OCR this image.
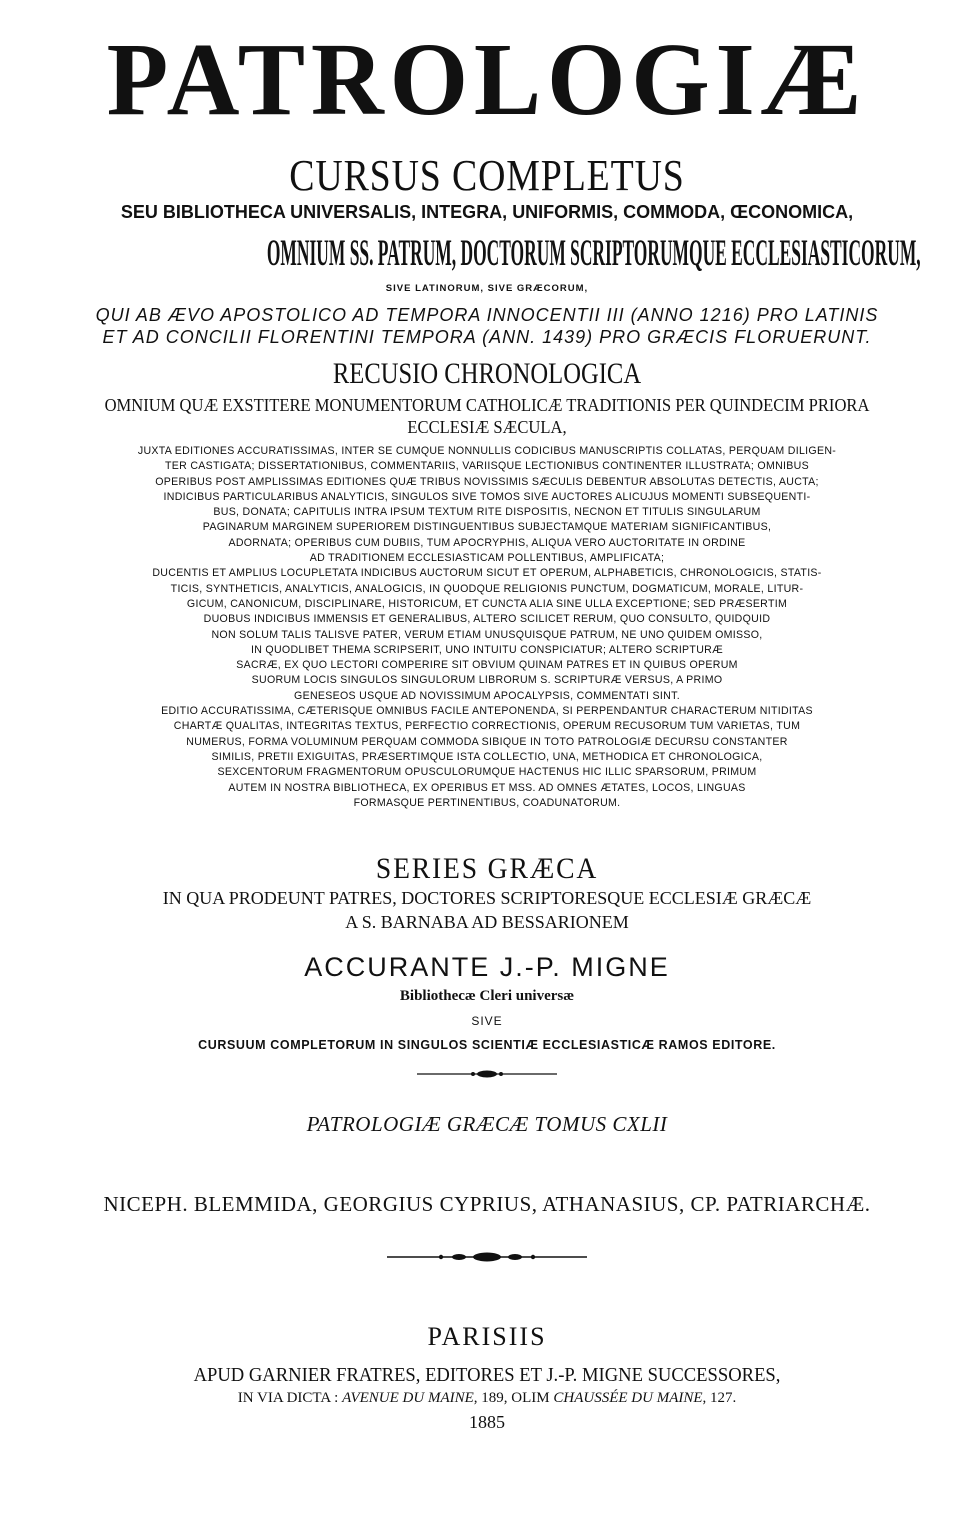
PATROLOGIÆ
CURSUS COMPLETUS
SEU BIBLIOTHECA UNIVERSALIS, INTEGRA, UNIFORMIS, COMMODA, ŒCONOMICA,
OMNIUM SS. PATRUM, DOCTORUM SCRIPTORUMQUE ECCLESIASTICORUM,
SIVE LATINORUM, SIVE GRÆCORUM,
QUI AB ÆVO APOSTOLICO AD TEMPORA INNOCENTII III (ANNO 1216) PRO LATINIS
ET AD CONCILII FLORENTINI TEMPORA (ANN. 1439) PRO GRÆCIS FLORUERUNT.
RECUSIO CHRONOLOGICA
OMNIUM QUÆ EXSTITERE MONUMENTORUM CATHOLICÆ TRADITIONIS PER QUINDECIM PRIORA
ECCLESIÆ SÆCULA,

JUXTA EDITIONES ACCURATISSIMAS, INTER SE CUMQUE NONNULLIS CODICIBUS MANUSCRIPTIS COLLATAS, PERQUAM DILIGEN-

TER CASTIGATA; DISSERTATIONIBUS, COMMENTARIIS, VARIISQUE LECTIONIBUS CONTINENTER ILLUSTRATA; OMNIBUS

OPERIBUS POST AMPLISSIMAS EDITIONES QUÆ TRIBUS NOVISSIMIS SÆCULIS DEBENTUR ABSOLUTAS DETECTIS, AUCTA;

INDICIBUS PARTICULARIBUS ANALYTICIS, SINGULOS SIVE TOMOS SIVE AUCTORES ALICUJUS MOMENTI SUBSEQUENTI-

BUS, DONATA; CAPITULIS INTRA IPSUM TEXTUM RITE DISPOSITIS, NECNON ET TITULIS SINGULARUM

PAGINARUM MARGINEM SUPERIOREM DISTINGUENTIBUS SUBJECTAMQUE MATERIAM SIGNIFICANTIBUS,

ADORNATA; OPERIBUS CUM DUBIIS, TUM APOCRYPHIS, ALIQUA VERO AUCTORITATE IN ORDINE

AD TRADITIONEM ECCLESIASTICAM POLLENTIBUS, AMPLIFICATA;

DUCENTIS ET AMPLIUS LOCUPLETATA INDICIBUS AUCTORUM SICUT ET OPERUM, ALPHABETICIS, CHRONOLOGICIS, STATIS-

TICIS, SYNTHETICIS, ANALYTICIS, ANALOGICIS, IN QUODQUE RELIGIONIS PUNCTUM, DOGMATICUM, MORALE, LITUR-

GICUM, CANONICUM, DISCIPLINARE, HISTORICUM, ET CUNCTA ALIA SINE ULLA EXCEPTIONE; SED PRÆSERTIM

DUOBUS INDICIBUS IMMENSIS ET GENERALIBUS, ALTERO SCILICET RERUM, QUO CONSULTO, QUIDQUID

NON SOLUM TALIS TALISVE PATER, VERUM ETIAM UNUSQUISQUE PATRUM, NE UNO QUIDEM OMISSO,

IN QUODLIBET THEMA SCRIPSERIT, UNO INTUITU CONSPICIATUR; ALTERO SCRIPTURÆ

SACRÆ, EX QUO LECTORI COMPERIRE SIT OBVIUM QUINAM PATRES ET IN QUIBUS OPERUM

SUORUM LOCIS SINGULOS SINGULORUM LIBRORUM S. SCRIPTURÆ VERSUS, A PRIMO

GENESEOS USQUE AD NOVISSIMUM APOCALYPSIS, COMMENTATI SINT.

EDITIO ACCURATISSIMA, CÆTERISQUE OMNIBUS FACILE ANTEPONENDA, SI PERPENDANTUR CHARACTERUM NITIDITAS

CHARTÆ QUALITAS, INTEGRITAS TEXTUS, PERFECTIO CORRECTIONIS, OPERUM RECUSORUM TUM VARIETAS, TUM

NUMERUS, FORMA VOLUMINUM PERQUAM COMMODA SIBIQUE IN TOTO PATROLOGIÆ DECURSU CONSTANTER

SIMILIS, PRETII EXIGUITAS, PRÆSERTIMQUE ISTA COLLECTIO, UNA, METHODICA ET CHRONOLOGICA,

SEXCENTORUM FRAGMENTORUM OPUSCULORUMQUE HACTENUS HIC ILLIC SPARSORUM, PRIMUM

AUTEM IN NOSTRA BIBLIOTHECA, EX OPERIBUS ET MSS. AD OMNES ÆTATES, LOCOS, LINGUAS

FORMASQUE PERTINENTIBUS, COADUNATORUM.

SERIES GRÆCA
IN QUA PRODEUNT PATRES, DOCTORES SCRIPTORESQUE ECCLESIÆ GRÆCÆ
A S. BARNABA AD BESSARIONEM
ACCURANTE J.-P. MIGNE
Bibliothecæ Cleri universæ
SIVE
CURSUUM COMPLETORUM IN SINGULOS SCIENTIÆ ECCLESIASTICÆ RAMOS EDITORE.
PATROLOGIÆ GRÆCÆ TOMUS CXLII
NICEPH. BLEMMIDA, GEORGIUS CYPRIUS, ATHANASIUS, CP. PATRIARCHÆ.
PARISIIS
APUD GARNIER FRATRES, EDITORES ET J.-P. MIGNE SUCCESSORES,
IN VIA DICTA : AVENUE DU MAINE, 189, OLIM CHAUSSÉE DU MAINE, 127.
1885
